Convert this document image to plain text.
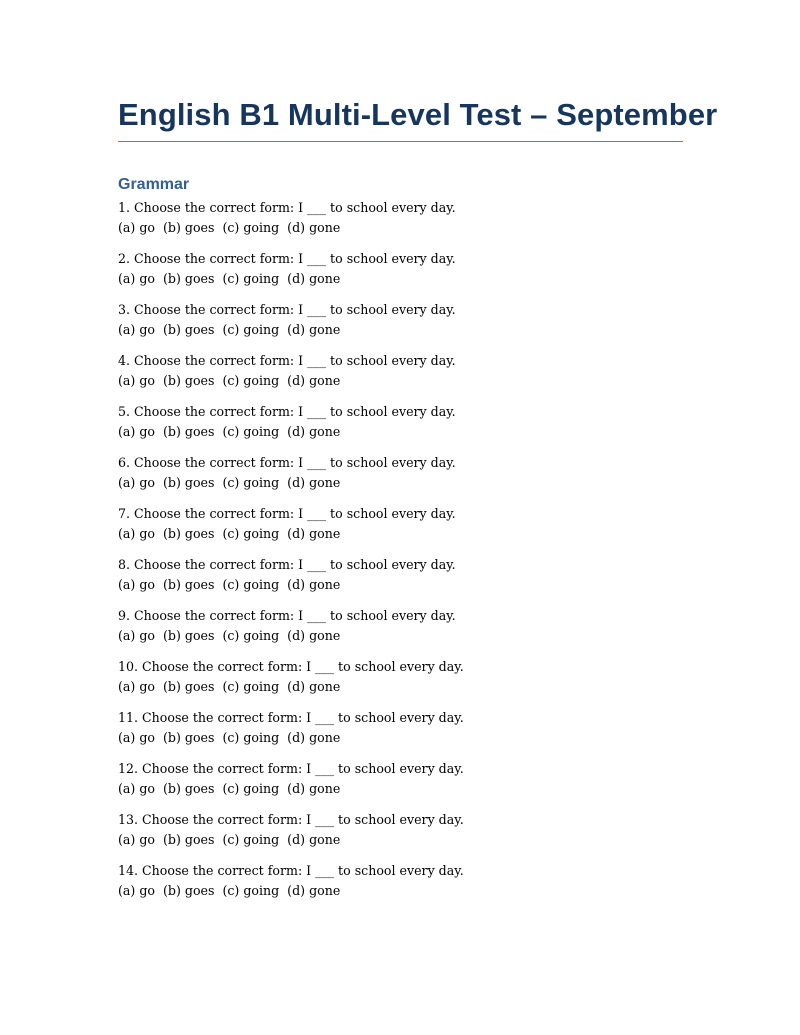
English B1 Multi-Level Test – September
Grammar
1. Choose the correct form: I ___ to school every day.
(a) go  (b) goes  (c) going  (d) gone
2. Choose the correct form: I ___ to school every day.
(a) go  (b) goes  (c) going  (d) gone
3. Choose the correct form: I ___ to school every day.
(a) go  (b) goes  (c) going  (d) gone
4. Choose the correct form: I ___ to school every day.
(a) go  (b) goes  (c) going  (d) gone
5. Choose the correct form: I ___ to school every day.
(a) go  (b) goes  (c) going  (d) gone
6. Choose the correct form: I ___ to school every day.
(a) go  (b) goes  (c) going  (d) gone
7. Choose the correct form: I ___ to school every day.
(a) go  (b) goes  (c) going  (d) gone
8. Choose the correct form: I ___ to school every day.
(a) go  (b) goes  (c) going  (d) gone
9. Choose the correct form: I ___ to school every day.
(a) go  (b) goes  (c) going  (d) gone
10. Choose the correct form: I ___ to school every day.
(a) go  (b) goes  (c) going  (d) gone
11. Choose the correct form: I ___ to school every day.
(a) go  (b) goes  (c) going  (d) gone
12. Choose the correct form: I ___ to school every day.
(a) go  (b) goes  (c) going  (d) gone
13. Choose the correct form: I ___ to school every day.
(a) go  (b) goes  (c) going  (d) gone
14. Choose the correct form: I ___ to school every day.
(a) go  (b) goes  (c) going  (d) gone
